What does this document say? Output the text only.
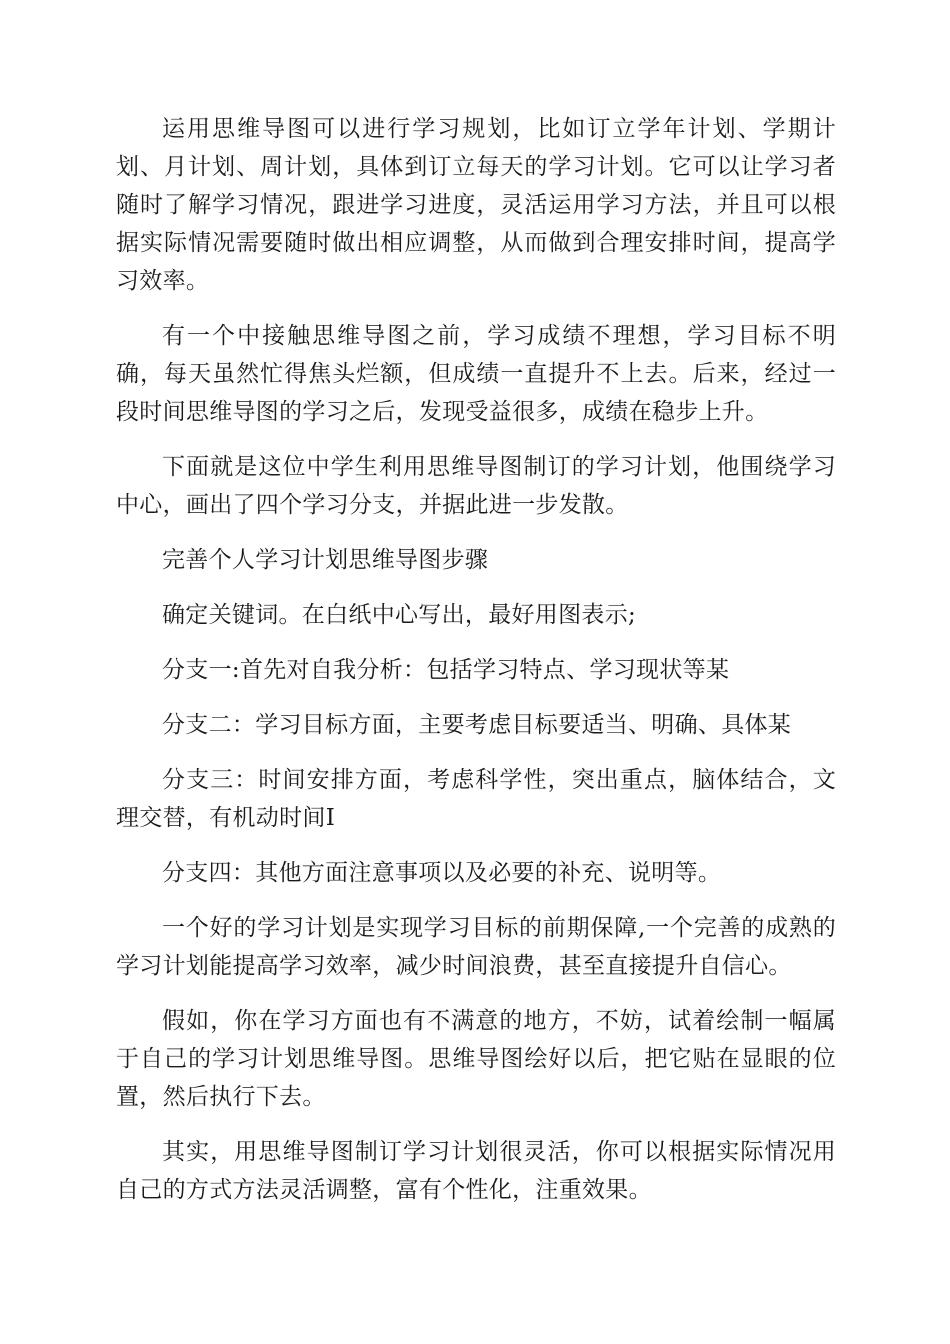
运用思维导图可以进行学习规划，比如订立学年计划、学期计划、月计划、周计划，具体到订立每天的学习计划。它可以让学习者随时了解学习情况，跟进学习进度，灵活运用学习方法，并且可以根据实际情况需要随时做出相应调整，从而做到合理安排时间，提高学习效率。

有一个中接触思维导图之前，学习成绩不理想，学习目标不明确，每天虽然忙得焦头烂额，但成绩一直提升不上去。后来，经过一段时间思维导图的学习之后，发现受益很多，成绩在稳步上升。

下面就是这位中学生利用思维导图制订的学习计划，他围绕学习中心，画出了四个学习分支，并据此进一步发散。

完善个人学习计划思维导图步骤

确定关键词。在白纸中心写出，最好用图表示;

分支一:首先对自我分析：包括学习特点、学习现状等某

分支二：学习目标方面，主要考虑目标要适当、明确、具体某

分支三：时间安排方面，考虑科学性，突出重点，脑体结合，文理交替，有机动时间I

分支四：其他方面注意事项以及必要的补充、说明等。

一个好的学习计划是实现学习目标的前期保障,一个完善的成熟的学习计划能提高学习效率，减少时间浪费，甚至直接提升自信心。

假如，你在学习方面也有不满意的地方，不妨，试着绘制一幅属于自己的学习计划思维导图。思维导图绘好以后，把它贴在显眼的位置，然后执行下去。

其实，用思维导图制订学习计划很灵活，你可以根据实际情况用自己的方式方法灵活调整，富有个性化，注重效果。
